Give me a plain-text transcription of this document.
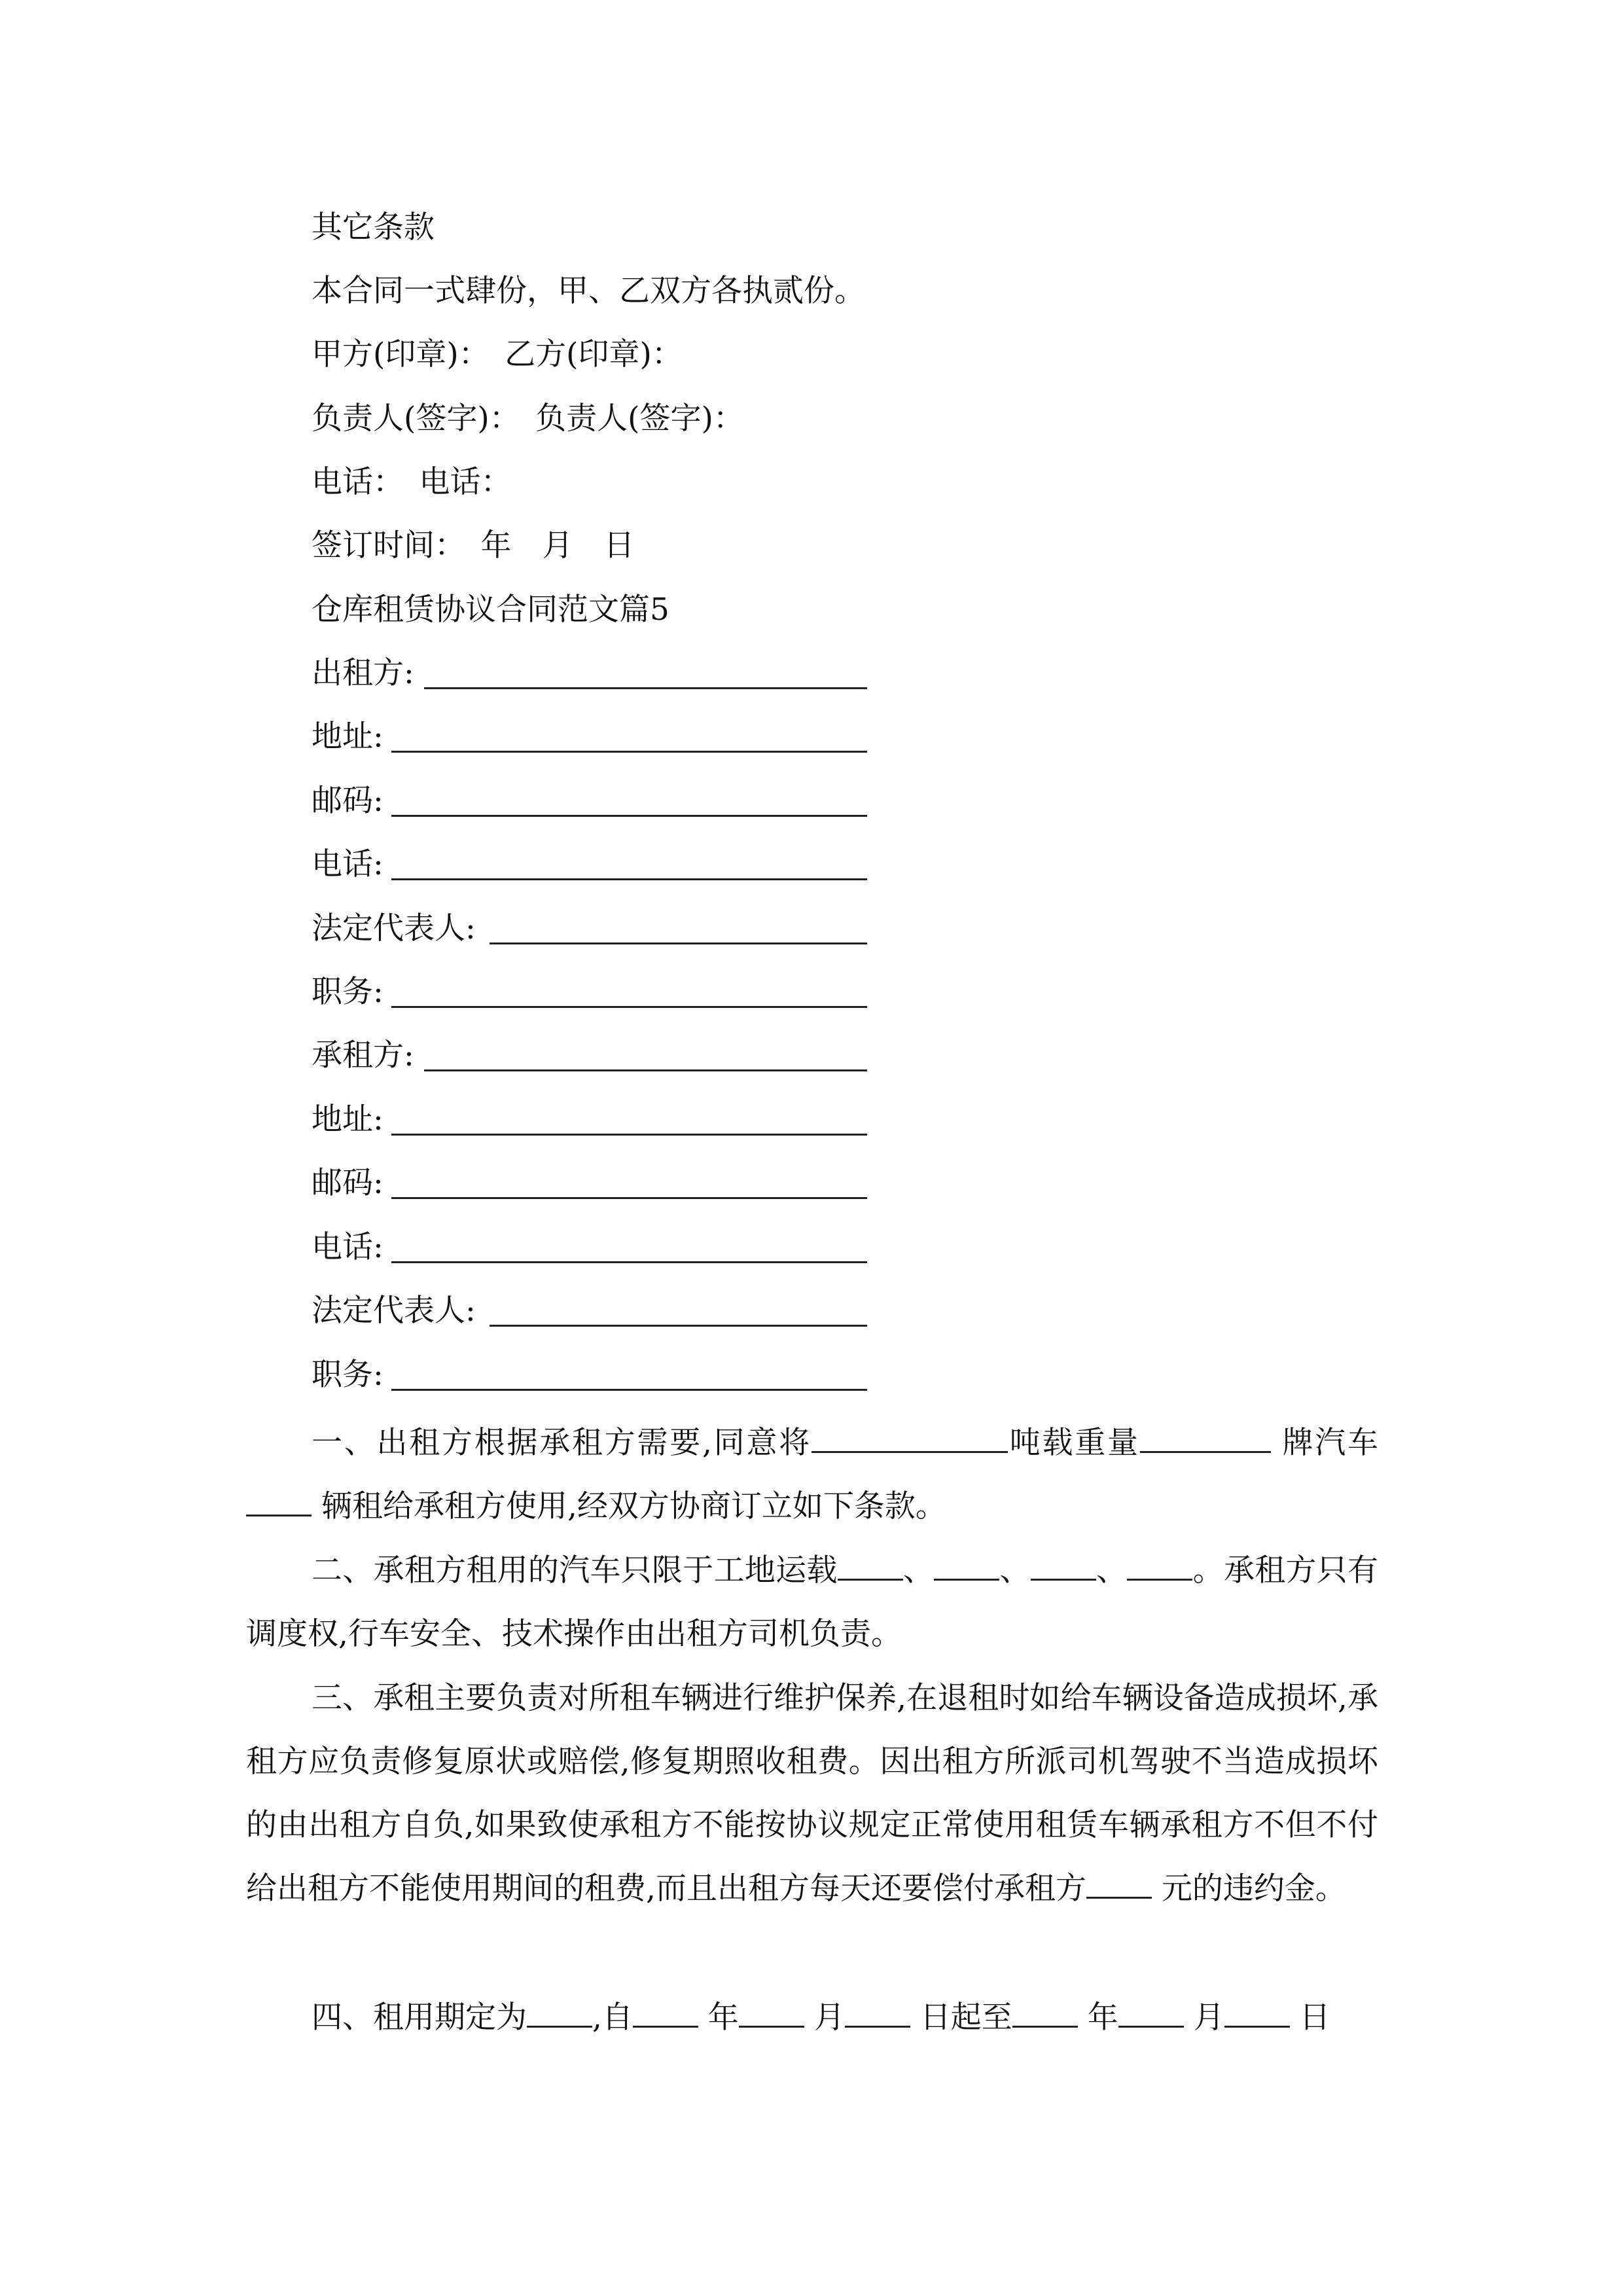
其它条款
本合同一式肆份，甲、乙双方各执贰份。
甲方(印章)：　乙方(印章)：
负责人(签字)：　负责人(签字)：
电话：　电话：
签订时间：　年　月　日
仓库租赁协议合同范文篇5
出租方:
地址:
邮码:
电话:
法定代表人:
职务:
承租方:
地址:
邮码:
电话:
法定代表人:
职务:
一、出租方根据承租方需要,同意将	吨载重量	牌汽车 辆租给承租方使用,经双方协商订立如下条款。
二、承租方租用的汽车只限于工地运载 、 、 、 。承租方只有调度权,行车安全、技术操作由出租方司机负责。
三、承租主要负责对所租车辆进行维护保养,在退租时如给车辆设备造成损坏,承租方应负责修复原状或赔偿,修复期照收租费。因出租方所派司机驾驶不当造成损坏的由出租方自负,如果致使承租方不能按协议规定正常使用租赁车辆承租方不但不付给出租方不能使用期间的租费,而且出租方每天还要偿付承租方 元的违约金。
四、租用期定为 ,自 年 月 日起至 年 月 日
